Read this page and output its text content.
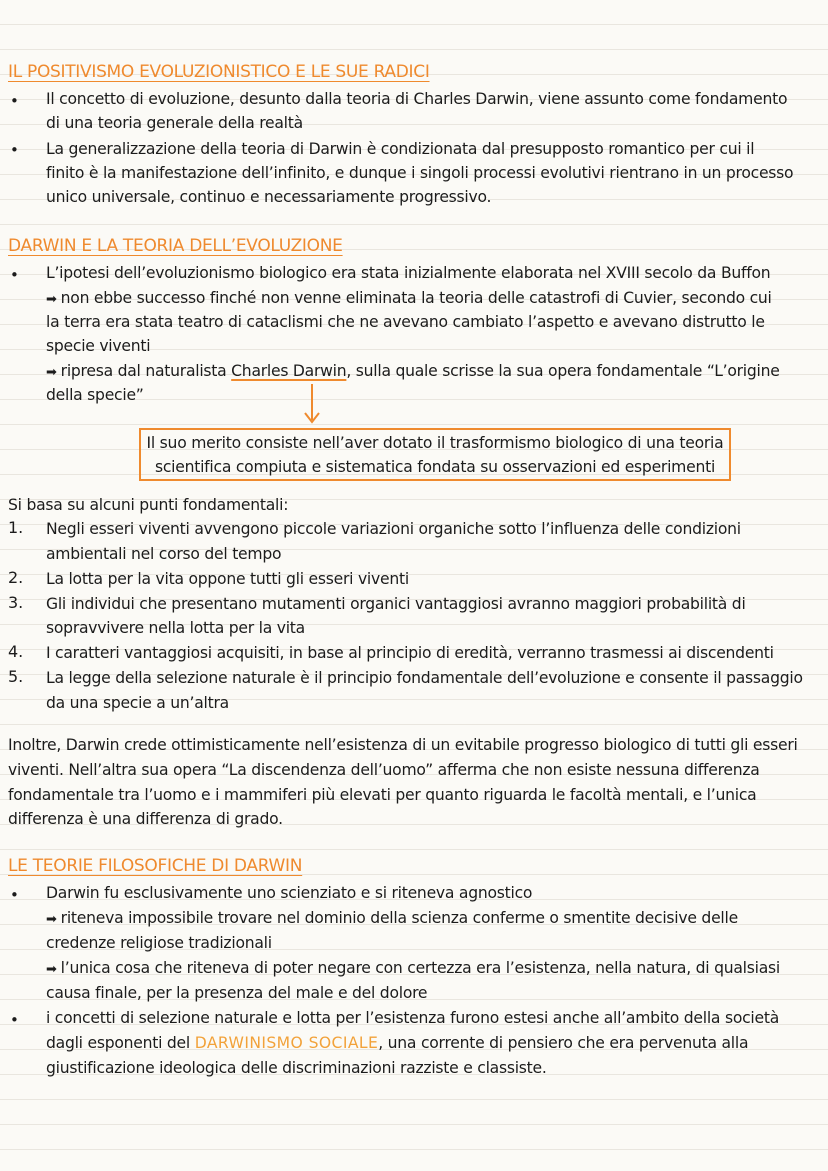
IL POSITIVISMO EVOLUZIONISTICO E LE SUE RADICI
• Il concetto di evoluzione, desunto dalla teoria di Charles Darwin, viene assunto come fondamento
di una teoria generale della realtà
• La generalizzazione della teoria di Darwin è condizionata dal presupposto romantico per cui il
finito è la manifestazione dell’infinito, e dunque i singoli processi evolutivi rientrano in un processo
unico universale, continuo e necessariamente progressivo.
DARWIN E LA TEORIA DELL’EVOLUZIONE
• L’ipotesi dell’evoluzionismo biologico era stata inizialmente elaborata nel XVIII secolo da Buffon
➡ non ebbe successo finché non venne eliminata la teoria delle catastrofi di Cuvier, secondo cui
la terra era stata teatro di cataclismi che ne avevano cambiato l’aspetto e avevano distrutto le
specie viventi
➡ ripresa dal naturalista Charles Darwin, sulla quale scrisse la sua opera fondamentale “L’origine
della specie”
Il suo merito consiste nell’aver dotato il trasformismo biologico di una teoria
scientifica compiuta e sistematica fondata su osservazioni ed esperimenti
Si basa su alcuni punti fondamentali:
1. Negli esseri viventi avvengono piccole variazioni organiche sotto l’influenza delle condizioni
ambientali nel corso del tempo
2. La lotta per la vita oppone tutti gli esseri viventi
3. Gli individui che presentano mutamenti organici vantaggiosi avranno maggiori probabilità di
sopravvivere nella lotta per la vita
4. I caratteri vantaggiosi acquisiti, in base al principio di eredità, verranno trasmessi ai discendenti
5. La legge della selezione naturale è il principio fondamentale dell’evoluzione e consente il passaggio
da una specie a un’altra
Inoltre, Darwin crede ottimisticamente nell’esistenza di un evitabile progresso biologico di tutti gli esseri
viventi. Nell’altra sua opera “La discendenza dell’uomo” afferma che non esiste nessuna differenza
fondamentale tra l’uomo e i mammiferi più elevati per quanto riguarda le facoltà mentali, e l’unica
differenza è una differenza di grado.
LE TEORIE FILOSOFICHE DI DARWIN
• Darwin fu esclusivamente uno scienziato e si riteneva agnostico
➡ riteneva impossibile trovare nel dominio della scienza conferme o smentite decisive delle
credenze religiose tradizionali
➡ l’unica cosa che riteneva di poter negare con certezza era l’esistenza, nella natura, di qualsiasi
causa finale, per la presenza del male e del dolore
• i concetti di selezione naturale e lotta per l’esistenza furono estesi anche all’ambito della società
dagli esponenti del DARWINISMO SOCIALE, una corrente di pensiero che era pervenuta alla
giustificazione ideologica delle discriminazioni razziste e classiste.
